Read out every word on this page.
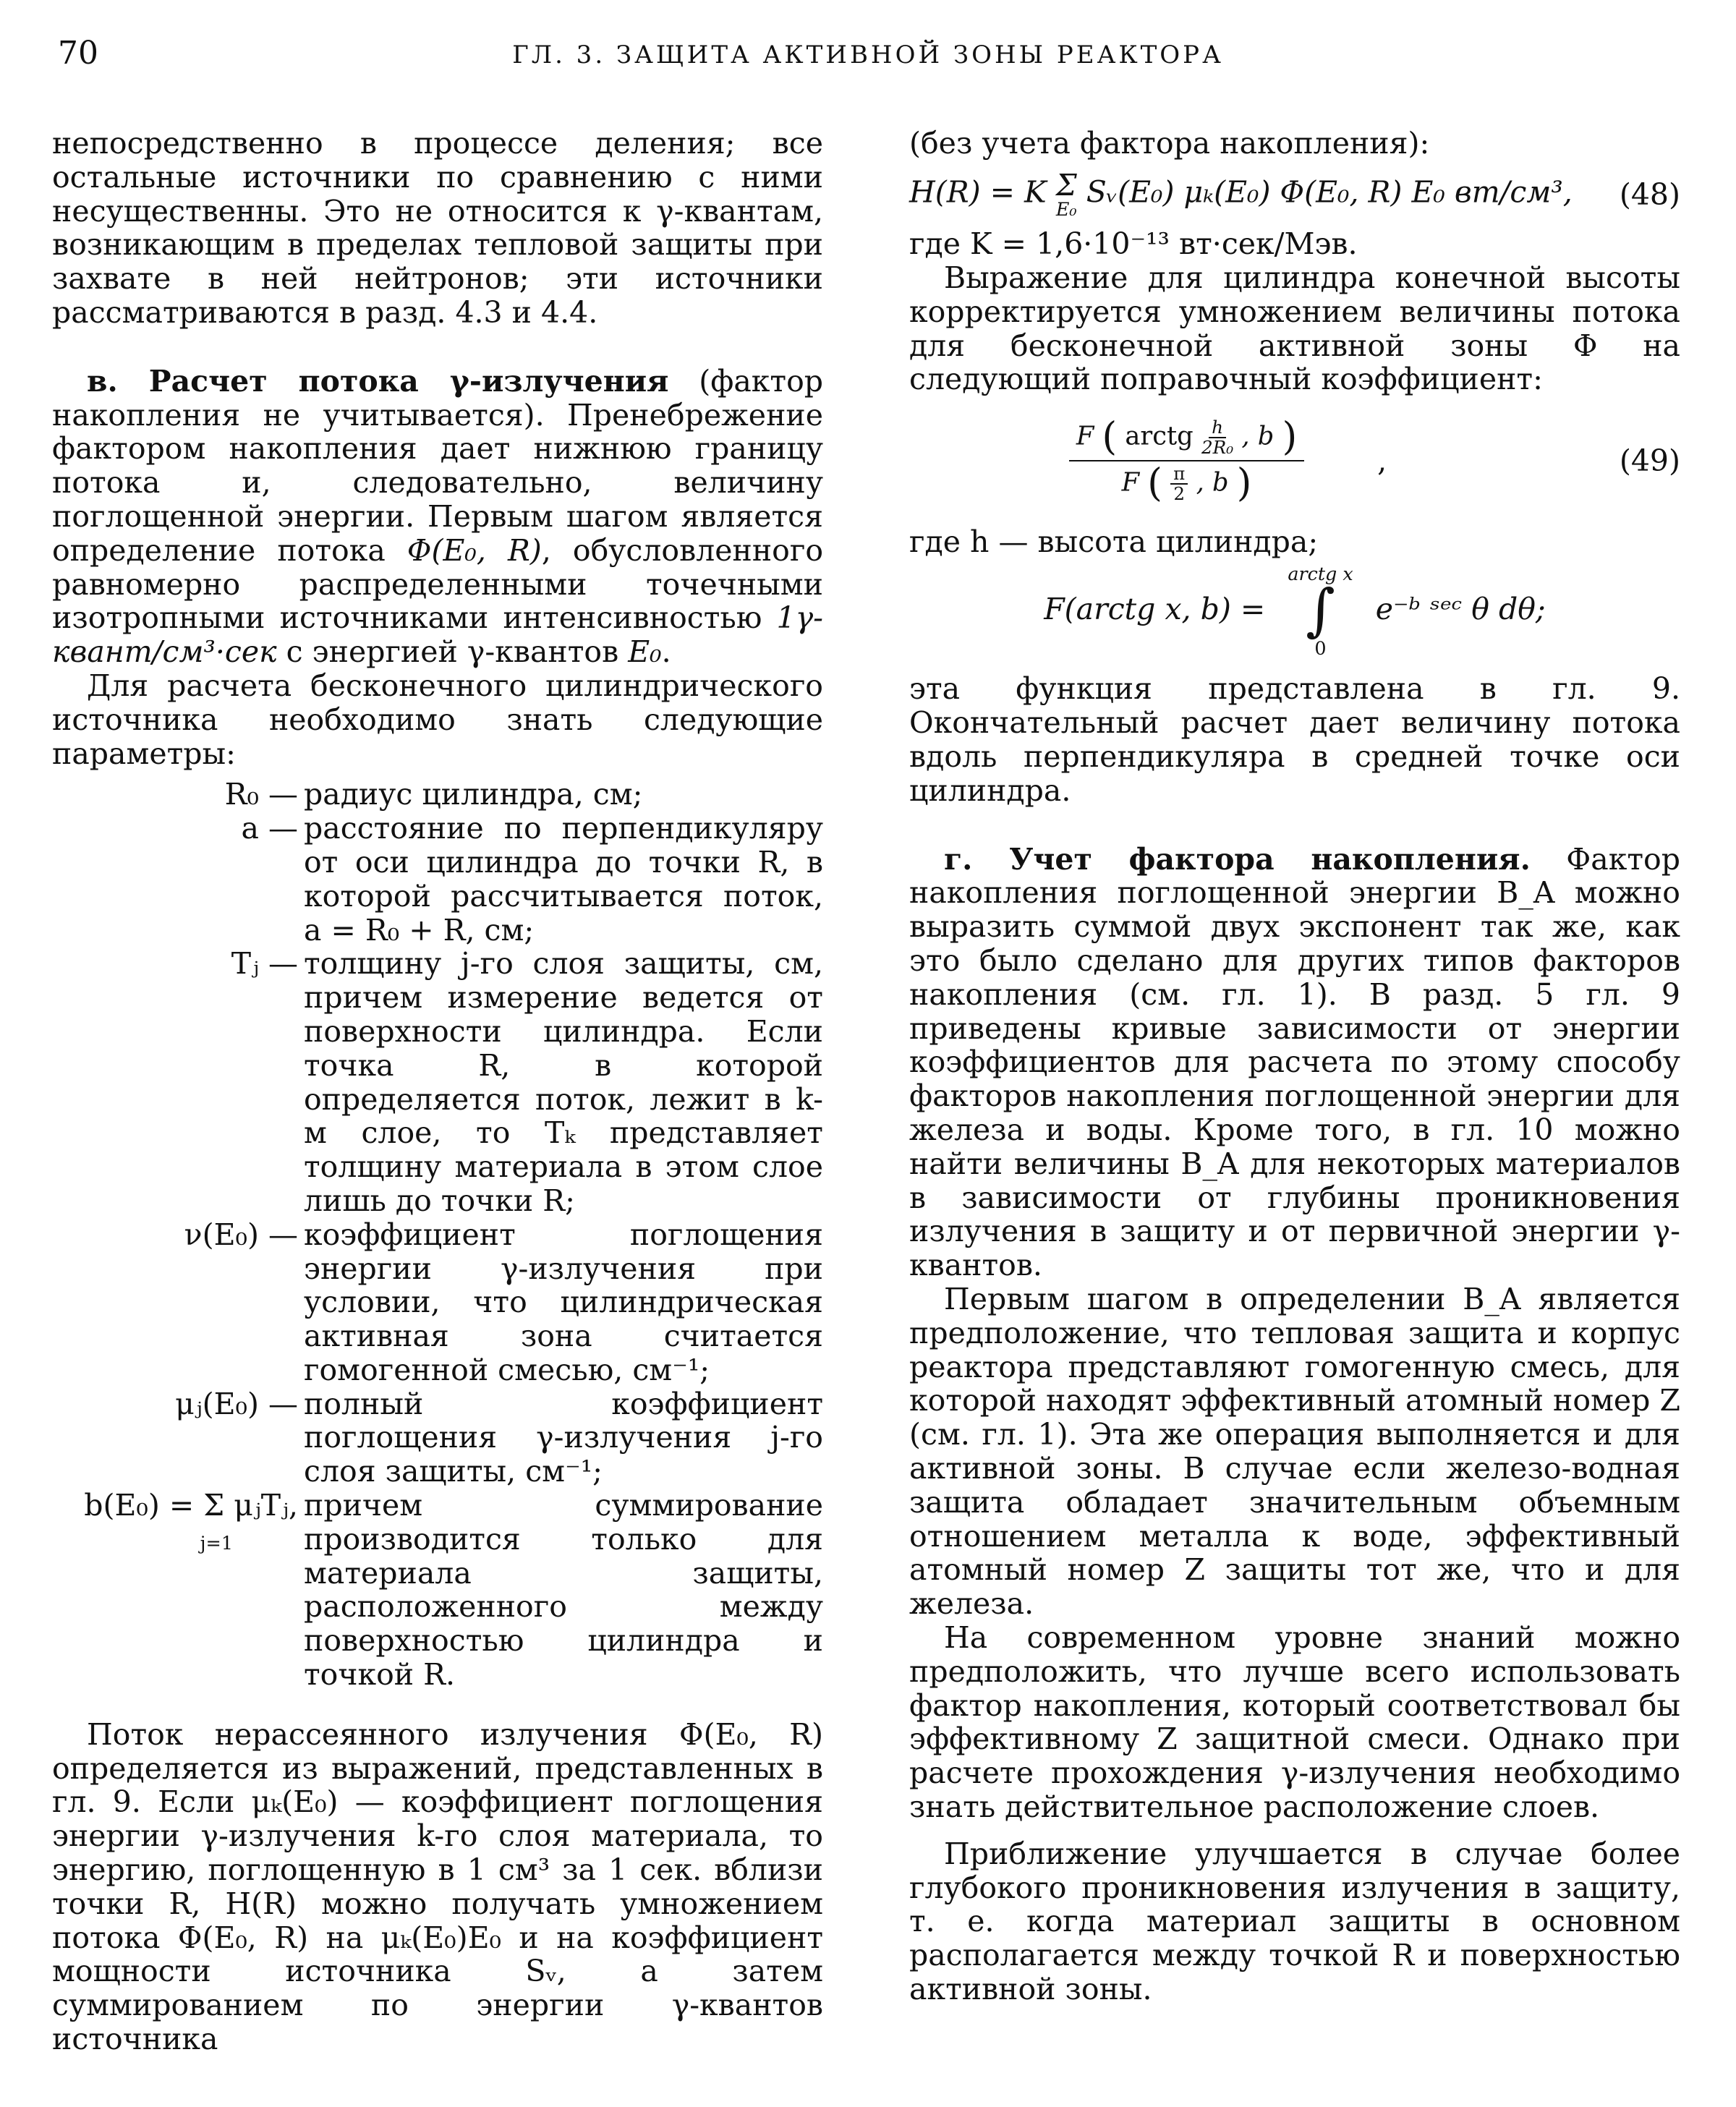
70	ГЛ. 3. ЗАЩИТА АКТИВНОЙ ЗОНЫ РЕАКТОРА

непосредственно в процессе деления; все остальные источники по сравнению с ними несущественны. Это не относится к γ-квантам, возникающим в пределах тепловой защиты при захвате в ней нейтронов; эти источники рассматриваются в разд. 4.3 и 4.4.

в. Расчет потока γ-излучения (фактор накопления не учитывается). Пренебрежение фактором накопления дает нижнюю границу потока и, следовательно, величину поглощенной энергии. Первым шагом является определение потока Φ(E₀, R), обусловленного равномерно распределенными точечными изотропными источниками интенсивностью 1γ-квант/см³·сек с энергией γ-квантов E₀.

Для расчета бесконечного цилиндрического источника необходимо знать следующие параметры:

R₀ — радиус цилиндра, см;
a — расстояние по перпендикуляру от оси цилиндра до точки R, в которой рассчитывается поток, a = R₀ + R, см;
Tⱼ — толщину j-го слоя защиты, см, причем измерение ведется от поверхности цилиндра. Если точка R, в которой определяется поток, лежит в k-м слое, то Tₖ представляет толщину материала в этом слое лишь до точки R;
ν(E₀) — коэффициент поглощения энергии γ-излучения при условии, что цилиндрическая активная зона считается гомогенной смесью, см⁻¹;
μⱼ(E₀) — полный коэффициент поглощения γ-излучения j-го слоя защиты, см⁻¹;
b(E₀) = Σ μⱼTⱼ,
j=1
причем суммирование производится только для материала защиты, расположенного между поверхностью цилиндра и точкой R.

Поток нерассеянного излучения Φ(E₀, R) определяется из выражений, представленных в гл. 9. Если μₖ(E₀) — коэффициент поглощения энергии γ-излучения k-го слоя материала, то энергию, поглощенную в 1 см³ за 1 сек. вблизи точки R, H(R) можно получать умножением потока Φ(E₀, R) на μₖ(E₀)E₀ и на коэффициент мощности источника Sᵥ, а затем суммированием по энергии γ-квантов источника

(без учета фактора накопления):

H(R) = K Σ
E₀ Sᵥ(E₀) μₖ(E₀) Φ(E₀, R) E₀ вт/см³, (48)

где K = 1,6·10⁻¹³ вт·сек/Мэв.

Выражение для цилиндра конечной высоты корректируется умножением величины потока для бесконечной активной зоны Φ на следующий поправочный коэффициент:

F ( arctg $\frac{h}{\text{2R₀}}$ , b )
F ( $\frac{\pi}{2}$ , b )
,	(49)

где h — высота цилиндра;

F(arctg x, b) =
arctg x
∫
0
e⁻ᵇ ˢᵉᶜ θ dθ;

эта функция представлена в гл. 9. Окончательный расчет дает величину потока вдоль перпендикуляра в средней точке оси цилиндра.

г. Учет фактора накопления. Фактор накопления поглощенной энергии B_A можно выразить суммой двух экспонент так же, как это было сделано для других типов факторов накопления (см. гл. 1). В разд. 5 гл. 9 приведены кривые зависимости от энергии коэффициентов для расчета по этому способу факторов накопления поглощенной энергии для железа и воды. Кроме того, в гл. 10 можно найти величины B_A для некоторых материалов в зависимости от глубины проникновения излучения в защиту и от первичной энергии γ-квантов.

Первым шагом в определении B_A является предположение, что тепловая защита и корпус реактора представляют гомогенную смесь, для которой находят эффективный атомный номер Z (см. гл. 1). Эта же операция выполняется и для активной зоны. В случае если железо-водная защита обладает значительным объемным отношением металла к воде, эффективный атомный номер Z защиты тот же, что и для железа.

На современном уровне знаний можно предположить, что лучше всего использовать фактор накопления, который соответствовал бы эффективному Z защитной смеси. Однако при расчете прохождения γ-излучения необходимо знать действительное расположение слоев.

Приближение улучшается в случае более глубокого проникновения излучения в защиту, т. е. когда материал защиты в основном располагается между точкой R и поверхностью активной зоны.
